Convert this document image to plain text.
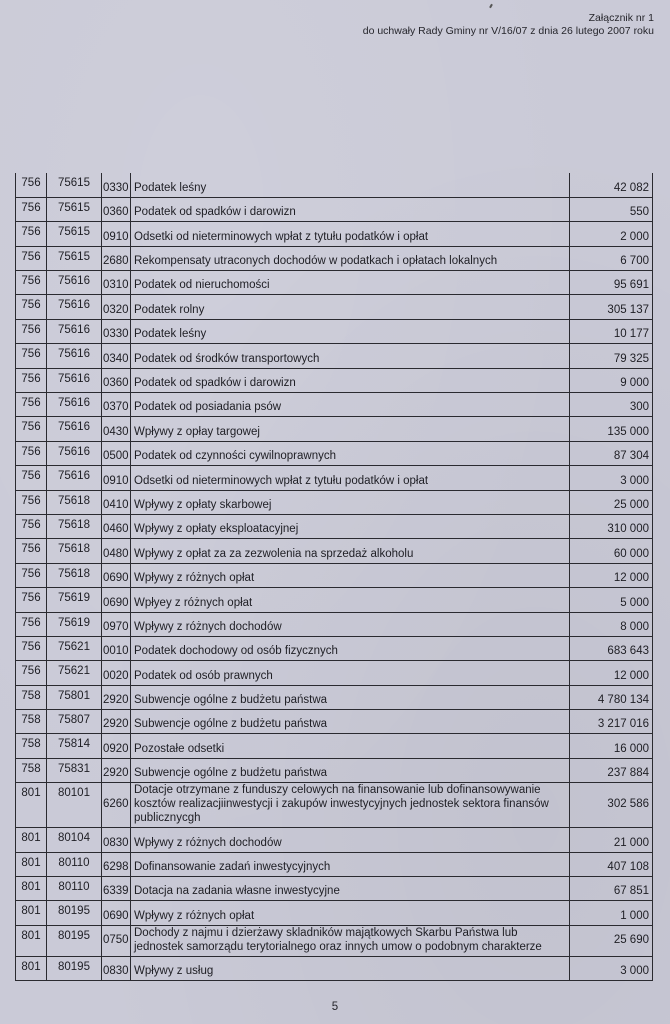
Załącznik nr 1
do uchwały Rady Gminy nr V/16/07 z dnia 26 lutego 2007 roku
756	75615	0330	Podatek leśny	42 082
756	75615	0360	Podatek od spadków i darowizn	550
756	75615	0910	Odsetki od nieterminowych wpłat z tytułu podatków i opłat	2 000
756	75615	2680	Rekompensaty utraconych dochodów w podatkach i opłatach lokalnych	6 700
756	75616	0310	Podatek od nieruchomości	95 691
756	75616	0320	Podatek rolny	305 137
756	75616	0330	Podatek leśny	10 177
756	75616	0340	Podatek od środków transportowych	79 325
756	75616	0360	Podatek od spadków i darowizn	9 000
756	75616	0370	Podatek od posiadania psów	300
756	75616	0430	Wpływy z opłay targowej	135 000
756	75616	0500	Podatek od czynności cywilnoprawnych	87 304
756	75616	0910	Odsetki od nieterminowych wpłat z tytułu podatków i opłat	3 000
756	75618	0410	Wpływy z opłaty skarbowej	25 000
756	75618	0460	Wpływy z opłaty eksploatacyjnej	310 000
756	75618	0480	Wpływy z opłat za za zezwolenia na sprzedaż alkoholu	60 000
756	75618	0690	Wpływy z różnych opłat	12 000
756	75619	0690	Wpłyey z różnych opłat	5 000
756	75619	0970	Wpływy z różnych dochodów	8 000
756	75621	0010	Podatek dochodowy od osób fizycznych	683 643
756	75621	0020	Podatek od osób prawnych	12 000
758	75801	2920	Subwencje ogólne z budżetu państwa	4 780 134
758	75807	2920	Subwencje ogólne z budżetu państwa	3 217 016
758	75814	0920	Pozostałe odsetki	16 000
758	75831	2920	Subwencje ogólne z budżetu państwa	237 884
801	80101	6260	Dotacje otrzymane z funduszy celowych na finansowanie lub dofinansowywanie kosztów realizacjiinwestycji i zakupów inwestycyjnych jednostek sektora finansów publicznycgh	302 586
801	80104	0830	Wpływy z różnych dochodów	21 000
801	80110	6298	Dofinansowanie zadań inwestycyjnych	407 108
801	80110	6339	Dotacja na zadania własne inwestycyjne	67 851
801	80195	0690	Wpływy z różnych opłat	1 000
801	80195	0750	Dochody z najmu i dzierżawy skladników majątkowych Skarbu Państwa lub jednostek samorządu terytorialnego oraz innych umow o podobnym charakterze	25 690
801	80195	0830	Wpływy z usług	3 000
5
